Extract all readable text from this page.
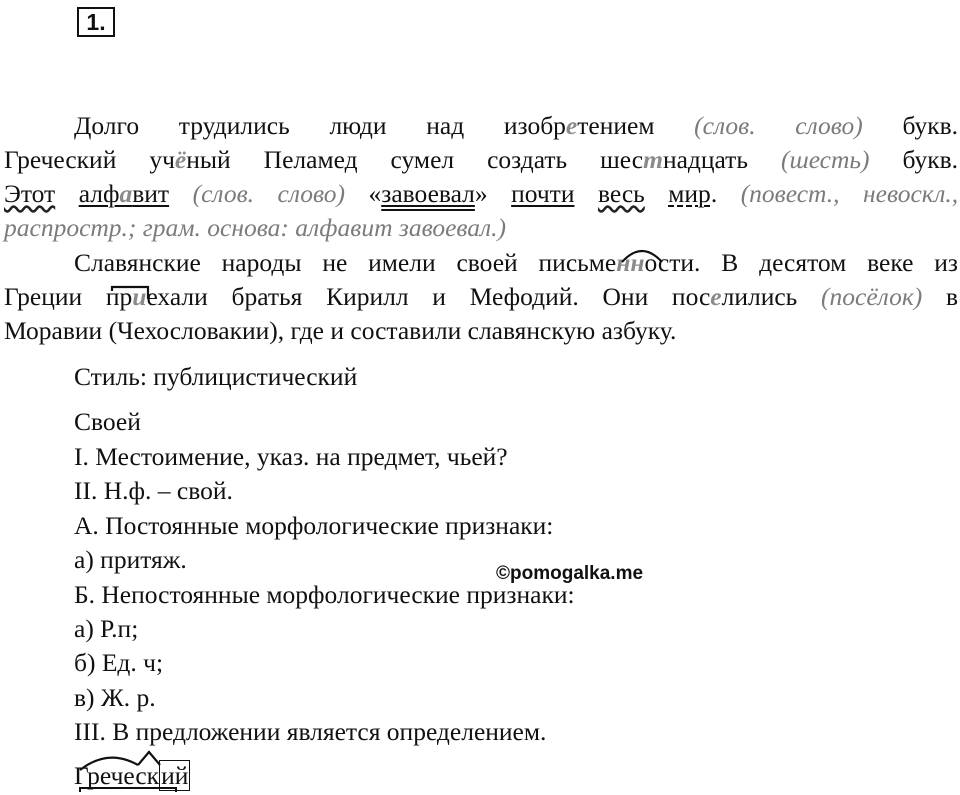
1.
Долго трудились люди над изобретением (слов. слово) букв.
Греческий учёный Пеламед сумел создать шестнадцать (шесть) букв.
Этот алфавит (слов. слово) «завоевал» почти весь мир. (повест., невоскл.,
распростр.; грам. основа: алфавит завоевал.)
Славянские народы не имели своей письменности. В десятом веке из
Греции приехали братья Кирилл и Мефодий. Они поселились (посёлок) в
Моравии (Чехословакии), где и составили славянскую азбуку.
Стиль: публицистический
Своей
I. Местоимение, указ. на предмет, чьей?
II. Н.ф. – свой.
А. Постоянные морфологические признаки:
а) притяж.
Б. Непостоянные морфологические признаки:
а) Р.п;
б) Ед. ч;
в) Ж. р.
III. В предложении является определением.
Греческий
©pomogalka.me
